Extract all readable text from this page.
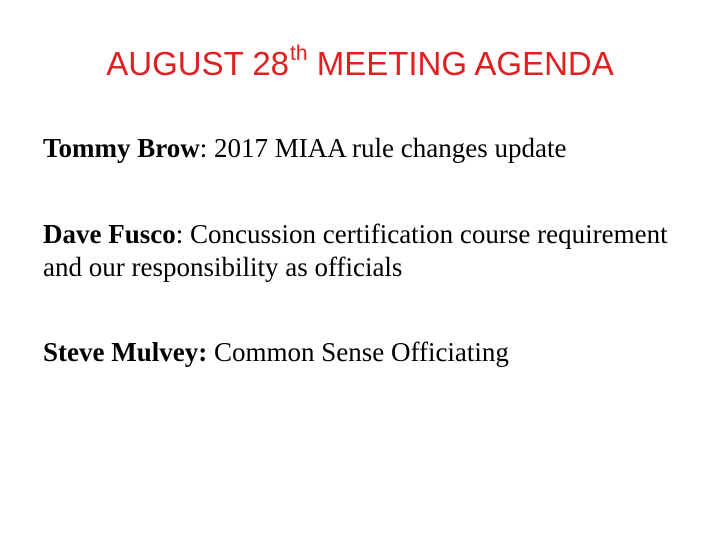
AUGUST 28th MEETING AGENDA
Tommy Brow: 2017 MIAA rule changes update
Dave Fusco: Concussion certification course requirement and our responsibility as officials
Steve Mulvey: Common Sense Officiating
